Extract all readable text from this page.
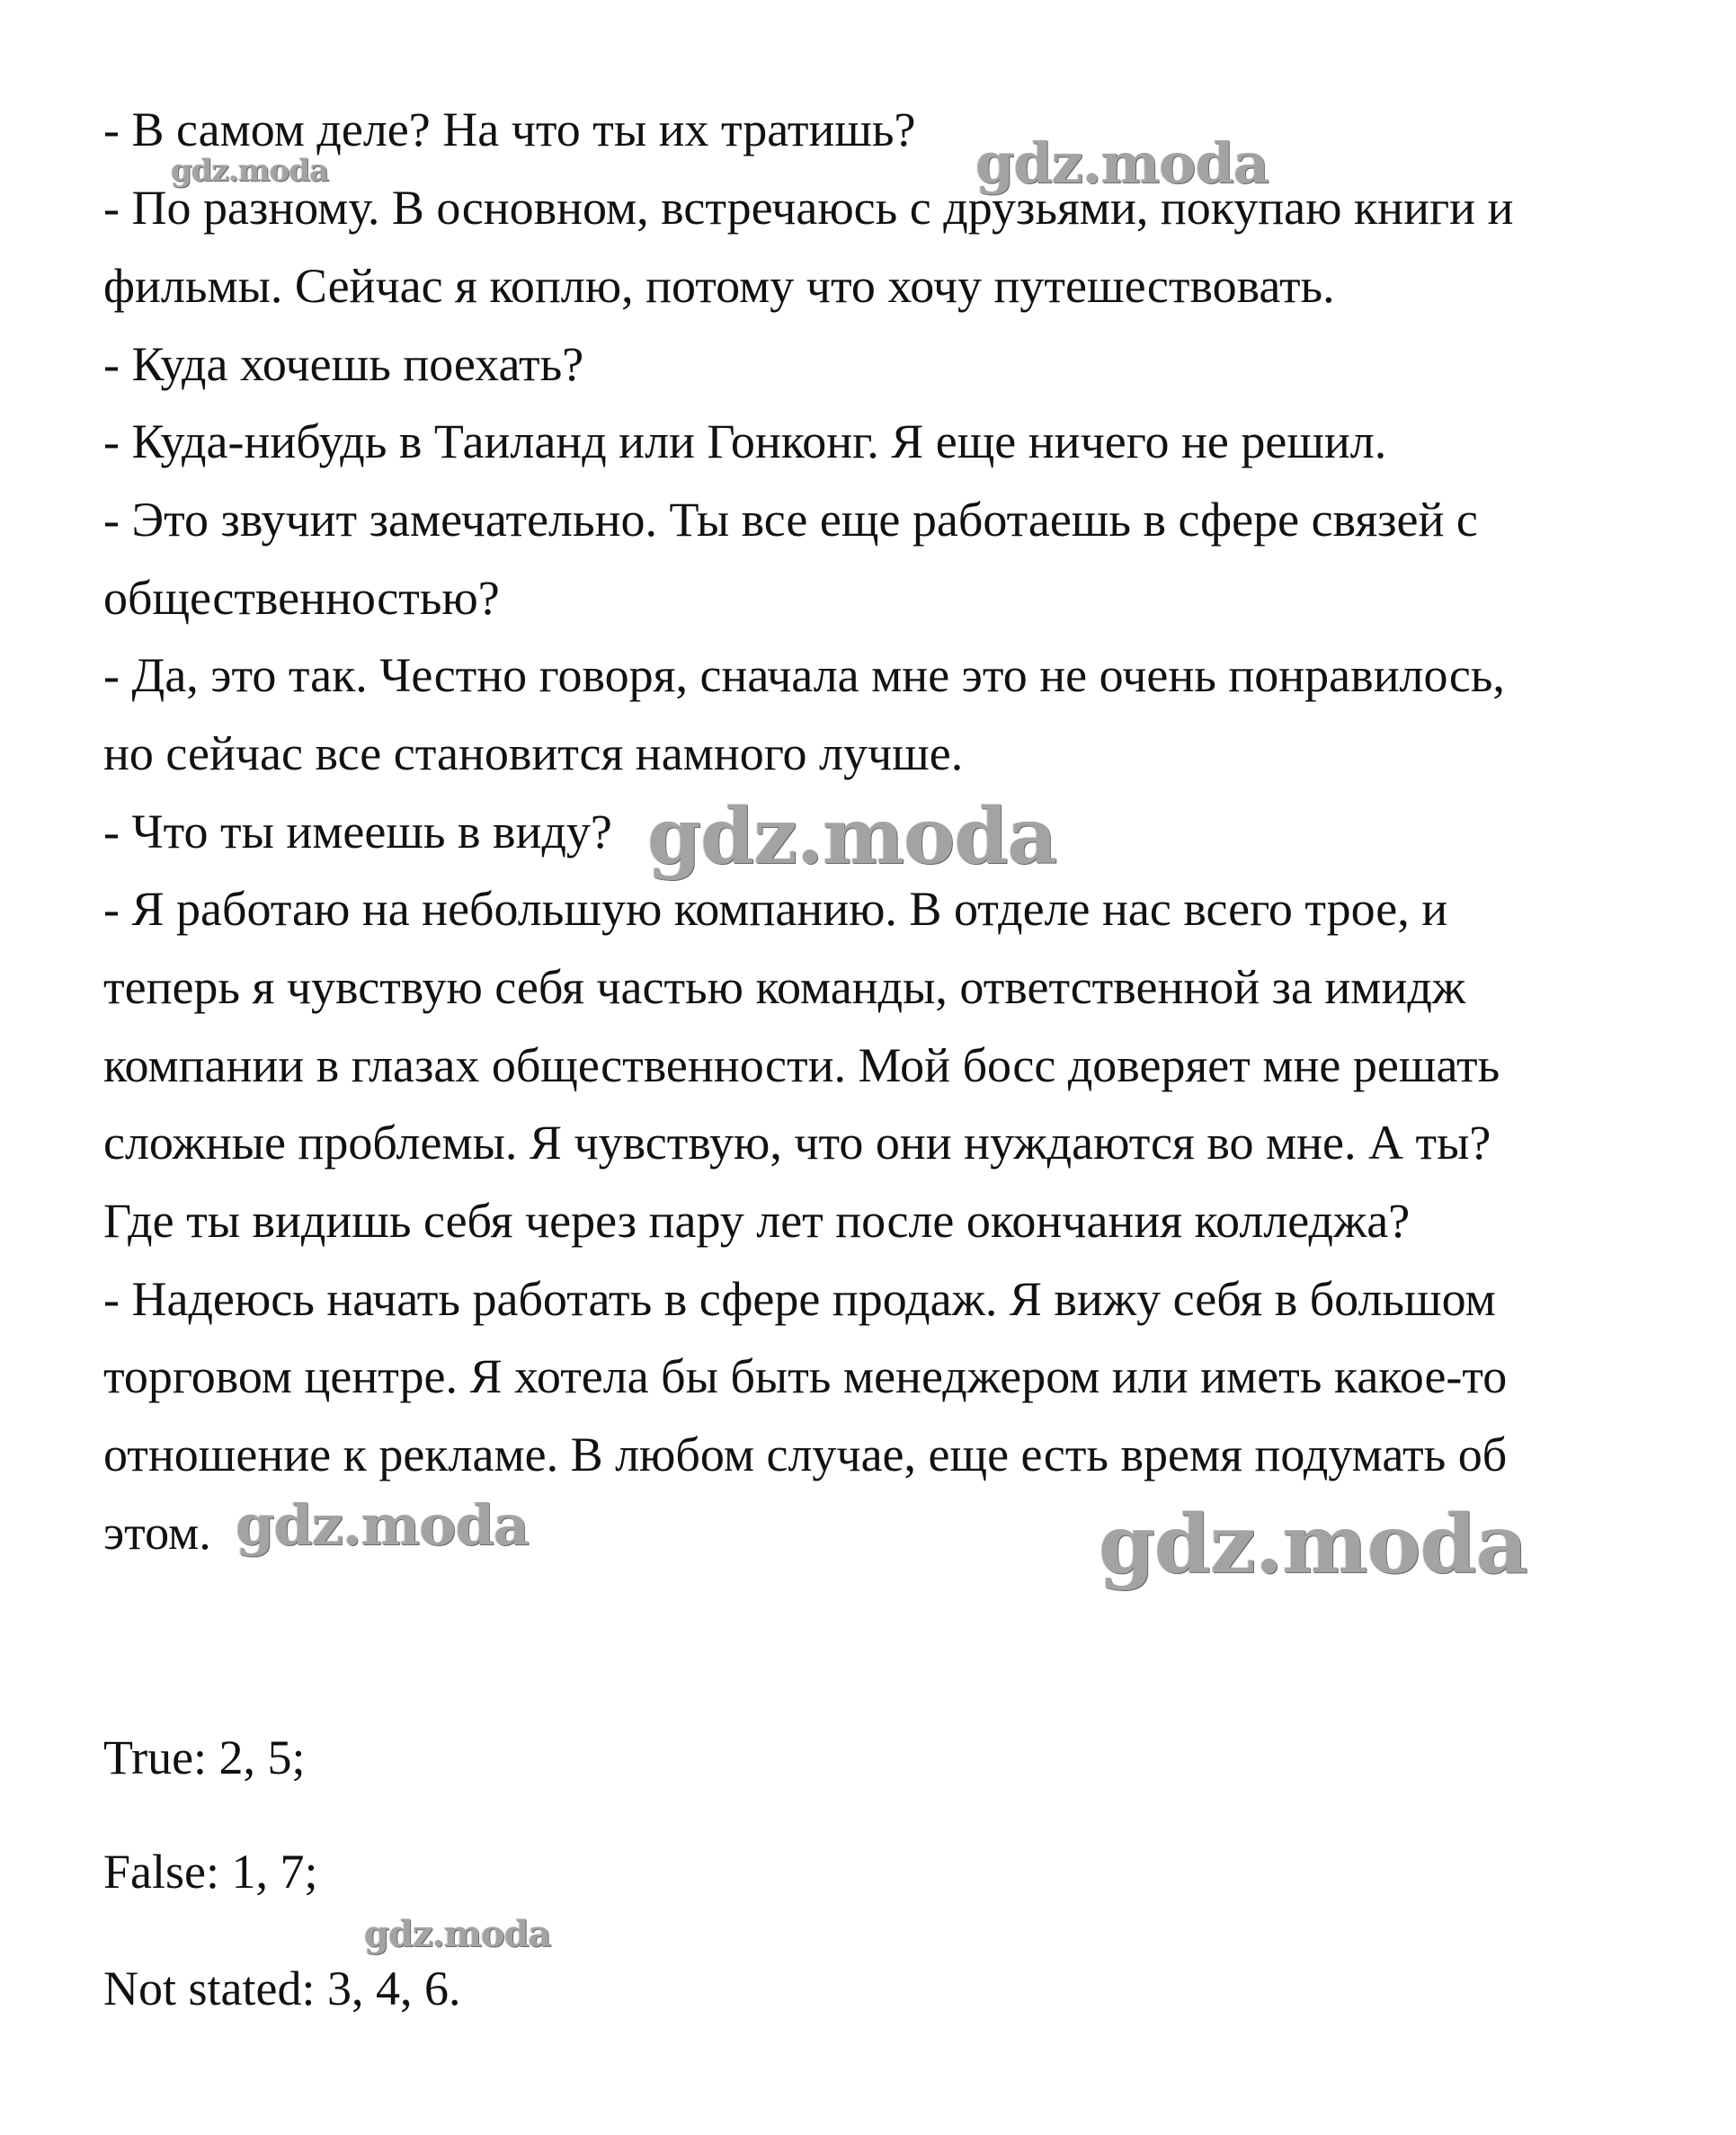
- В самом деле? На что ты их тратишь?
- По разному. В основном, встречаюсь с друзьями, покупаю книги и
фильмы. Сейчас я коплю, потому что хочу путешествовать.
- Куда хочешь поехать?
- Куда-нибудь в Таиланд или Гонконг. Я еще ничего не решил.
- Это звучит замечательно. Ты все еще работаешь в сфере связей с
общественностью?
- Да, это так. Честно говоря, сначала мне это не очень понравилось,
но сейчас все становится намного лучше.
- Что ты имеешь в виду?
- Я работаю на небольшую компанию. В отделе нас всего трое, и
теперь я чувствую себя частью команды, ответственной за имидж
компании в глазах общественности. Мой босс доверяет мне решать
сложные проблемы. Я чувствую, что они нуждаются во мне. А ты?
Где ты видишь себя через пару лет после окончания колледжа?
- Надеюсь начать работать в сфере продаж. Я вижу себя в большом
торговом центре. Я хотела бы быть менеджером или иметь какое-то
отношение к рекламе. В любом случае, еще есть время подумать об
этом.
True: 2, 5;
False: 1, 7;
Not stated: 3, 4, 6.
gdz.moda	gdz.moda
gdz.moda
gdz.moda	gdz.moda
gdz.moda
